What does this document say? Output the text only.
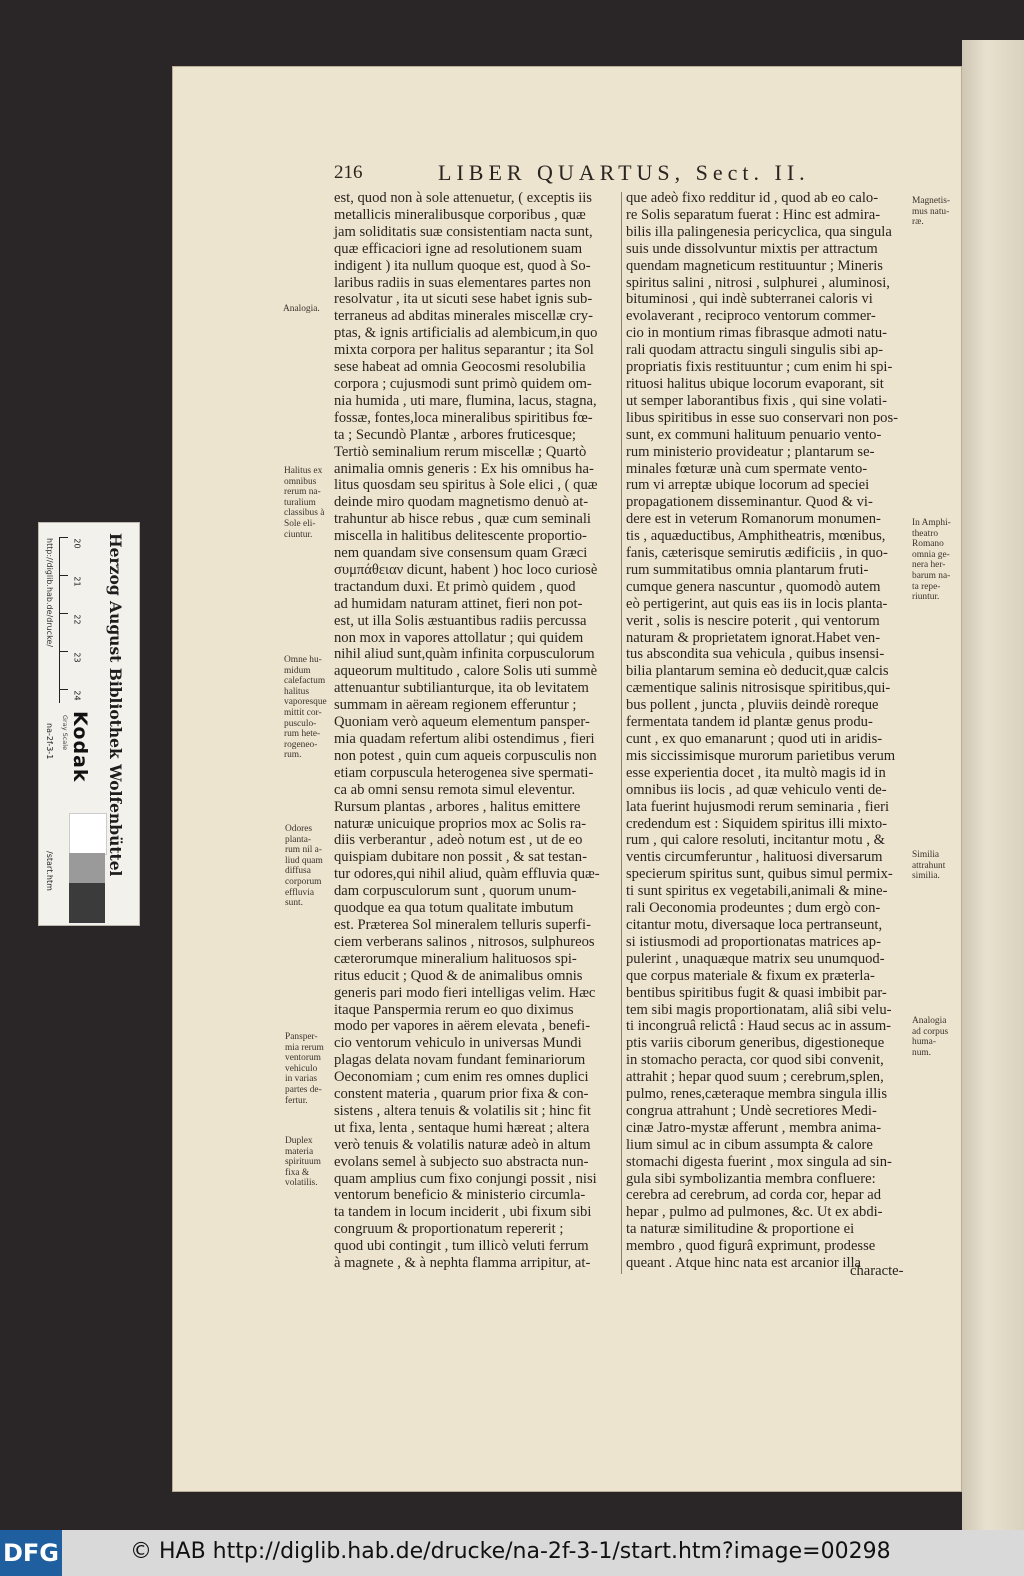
216	LIBER QUARTUS, Sect. II.
est, quod non à sole attenuetur, ( exceptis iis
metallicis mineralibusque corporibus , quæ
jam soliditatis suæ consistentiam nacta sunt,
quæ efficaciori igne ad resolutionem suam
indigent ) ita nullum quoque est, quod à So-
laribus radiis in suas elementares partes non
resolvatur , ita ut sicuti sese habet ignis sub-
terraneus ad abditas minerales miscellæ cry-
ptas, & ignis artificialis ad alembicum,in quo
mixta corpora per halitus separantur ; ita Sol
sese habeat ad omnia Geocosmi resolubilia
corpora ; cujusmodi sunt primò quidem om-
nia humida , uti mare, flumina, lacus, stagna,
fossæ, fontes,loca mineralibus spiritibus fœ-
ta ; Secundò Plantæ , arbores fruticesque;
Tertiò seminalium rerum miscellæ ; Quartò
animalia omnis generis : Ex his omnibus ha-
litus quosdam seu spiritus à Sole elici , ( quæ
deinde miro quodam magnetismo denuò at-
trahuntur ab hisce rebus , quæ cum seminali
miscella in halitibus delitescente proportio-
nem quandam sive consensum quam Græci
συμπάθειαν dicunt, habent ) hoc loco curiosè
tractandum duxi. Et primò quidem , quod
ad humidam naturam attinet, fieri non pot-
est, ut illa Solis æstuantibus radiis percussa
non mox in vapores attollatur ; qui quidem
nihil aliud sunt,quàm infinita corpusculorum
aqueorum multitudo , calore Solis uti summè
attenuantur subtilianturque, ita ob levitatem
summam in aëream regionem efferuntur ;
Quoniam verò aqueum elementum pansper-
mia quadam refertum alibi ostendimus , fieri
non potest , quin cum aqueis corpusculis non
etiam corpuscula heterogenea sive spermati-
ca ab omni sensu remota simul eleventur.
Rursum plantas , arbores , halitus emittere
naturæ unicuique proprios mox ac Solis ra-
diis verberantur , adeò notum est , ut de eo
quispiam dubitare non possit , & sat testan-
tur odores,qui nihil aliud, quàm effluvia quæ-
dam corpusculorum sunt , quorum unum-
quodque ea qua totum qualitate imbutum
est. Præterea Sol mineralem telluris superfi-
ciem verberans salinos , nitrosos, sulphureos
cæterorumque mineralium halituosos spi-
ritus educit ; Quod & de animalibus omnis
generis pari modo fieri intelligas velim. Hæc
itaque Panspermia rerum eo quo diximus
modo per vapores in aërem elevata , benefi-
cio ventorum vehiculo in universas Mundi
plagas delata novam fundant feminariorum
Oeconomiam ; cum enim res omnes duplici
constent materia , quarum prior fixa & con-
sistens , altera tenuis & volatilis sit ; hinc fit
ut fixa, lenta , sentaque humi hæreat ; altera
verò tenuis & volatilis naturæ adeò in altum
evolans semel à subjecto suo abstracta nun-
quam amplius cum fixo conjungi possit , nisi
ventorum beneficio & ministerio circumla-
ta tandem in locum inciderit , ubi fixum sibi
congruum & proportionatum repererit ;
quod ubi contingit , tum illicò veluti ferrum
à magnete , & à nephta flamma arripitur, at-
que adeò fixo redditur id , quod ab eo calo-
re Solis separatum fuerat : Hinc est admira-
bilis illa palingenesia pericyclica, qua singula
suis unde dissolvuntur mixtis per attractum
quendam magneticum restituuntur ; Mineris
spiritus salini , nitrosi , sulphurei , aluminosi,
bituminosi , qui indè subterranei caloris vi
evolaverant , reciproco ventorum commer-
cio in montium rimas fibrasque admoti natu-
rali quodam attractu singuli singulis sibi ap-
propriatis fixis restituuntur ; cum enim hi spi-
rituosi halitus ubique locorum evaporant, sit
ut semper laborantibus fixis , qui sine volati-
libus spiritibus in esse suo conservari non pos-
sunt, ex communi halituum penuario vento-
rum ministerio provideatur ; plantarum se-
minales fœturæ unà cum spermate vento-
rum vi arreptæ ubique locorum ad speciei
propagationem disseminantur. Quod & vi-
dere est in veterum Romanorum monumen-
tis , aquæductibus, Amphitheatris, mœnibus,
fanis, cæterisque semirutis ædificiis , in quo-
rum summitatibus omnia plantarum fruti-
cumque genera nascuntur , quomodò autem
eò pertigerint, aut quis eas iis in locis planta-
verit , solis is nescire poterit , qui ventorum
naturam & proprietatem ignorat.Habet ven-
tus abscondita sua vehicula , quibus insensi-
bilia plantarum semina eò deducit,quæ calcis
cæmentique salinis nitrosisque spiritibus,qui-
bus pollent , juncta , pluviis deindè roreque
fermentata tandem id plantæ genus produ-
cunt , ex quo emanarunt ; quod uti in aridis-
mis siccissimisque murorum parietibus verum
esse experientia docet , ita multò magis id in
omnibus iis locis , ad quæ vehiculo venti de-
lata fuerint hujusmodi rerum seminaria , fieri
credendum est : Siquidem spiritus illi mixto-
rum , qui calore resoluti, incitantur motu , &
ventis circumferuntur , halituosi diversarum
specierum spiritus sunt, quibus simul permix-
ti sunt spiritus ex vegetabili,animali & mine-
rali Oeconomia prodeuntes ; dum ergò con-
citantur motu, diversaque loca pertranseunt,
si istiusmodi ad proportionatas matrices ap-
pulerint , unaquæque matrix seu unumquod-
que corpus materiale & fixum ex præterla-
bentibus spiritibus fugit & quasi imbibit par-
tem sibi magis proportionatam, aliâ sibi velu-
ti incongruâ relictâ : Haud secus ac in assum-
ptis variis ciborum generibus, digestioneque
in stomacho peracta, cor quod sibi convenit,
attrahit ; hepar quod suum ; cerebrum,splen,
pulmo, renes,cæteraque membra singula illis
congrua attrahunt ; Undè secretiores Medi-
cinæ Jatro-mystæ afferunt , membra anima-
lium simul ac in cibum assumpta & calore
stomachi digesta fuerint , mox singula ad sin-
gula sibi symbolizantia membra confluere:
cerebra ad cerebrum, ad corda cor, hepar ad
hepar , pulmo ad pulmones, &c. Ut ex abdi-
ta naturæ similitudine & proportione ei
membro , quod figurâ exprimunt, prodesse
queant . Atque hinc nata est arcanior illa
Analogia.
Halitus ex
omnibus
rerum na-
turalium
classibus à
Sole eli-
ciuntur.
Omne hu-
midum
calefactum
halitus
vaporesque
mittit cor-
pusculo-
rum hete-
rogeneo-
rum.
Odores
planta-
rum nil a-
liud quam
diffusa
corporum
effluvia
sunt.
Pansper-
mia rerum
ventorum
vehiculo
in varias
partes de-
fertur.
Duplex
materia
spirituum
fixa &
volatilis.
Magnetis-
mus natu-
ræ.
In Amphi-
theatro
Romano
omnia ge-
nera her-
barum na-
ta repe-
riuntur.
Similia
attrahunt
similia.
Analogia
ad corpus
huma-
num.
characte-
http://diglib.hab.de/drucke/ 20
21
22
23
24
Kodak
Gray Scale
na-2f-3-1
/start.htm	Herzog August Bibliothek Wolfenbüttel
DFG	© HAB http://diglib.hab.de/drucke/na-2f-3-1/start.htm?image=00298
